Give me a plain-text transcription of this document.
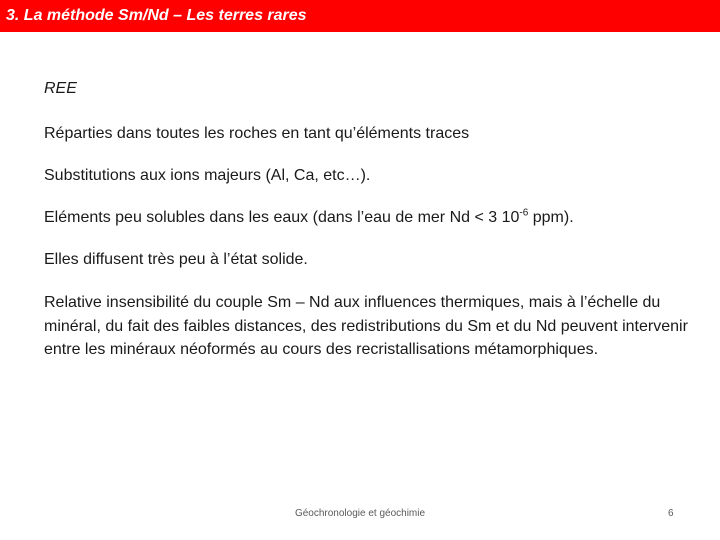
3. La méthode Sm/Nd – Les terres rares

REE

Réparties dans toutes les roches en tant qu’éléments traces

Substitutions aux ions majeurs (Al, Ca, etc…).

Eléments peu solubles dans les eaux (dans l’eau de mer Nd < 3 $10^{-6}$ ppm).

Elles diffusent très peu à l’état solide.

Relative insensibilité du couple Sm – Nd aux influences thermiques, mais à l’échelle du minéral, du fait des faibles distances, des redistributions du Sm et du Nd peuvent intervenir entre les minéraux néoformés au cours des recristallisations métamorphiques.

Géochronologie et géochimie	6
